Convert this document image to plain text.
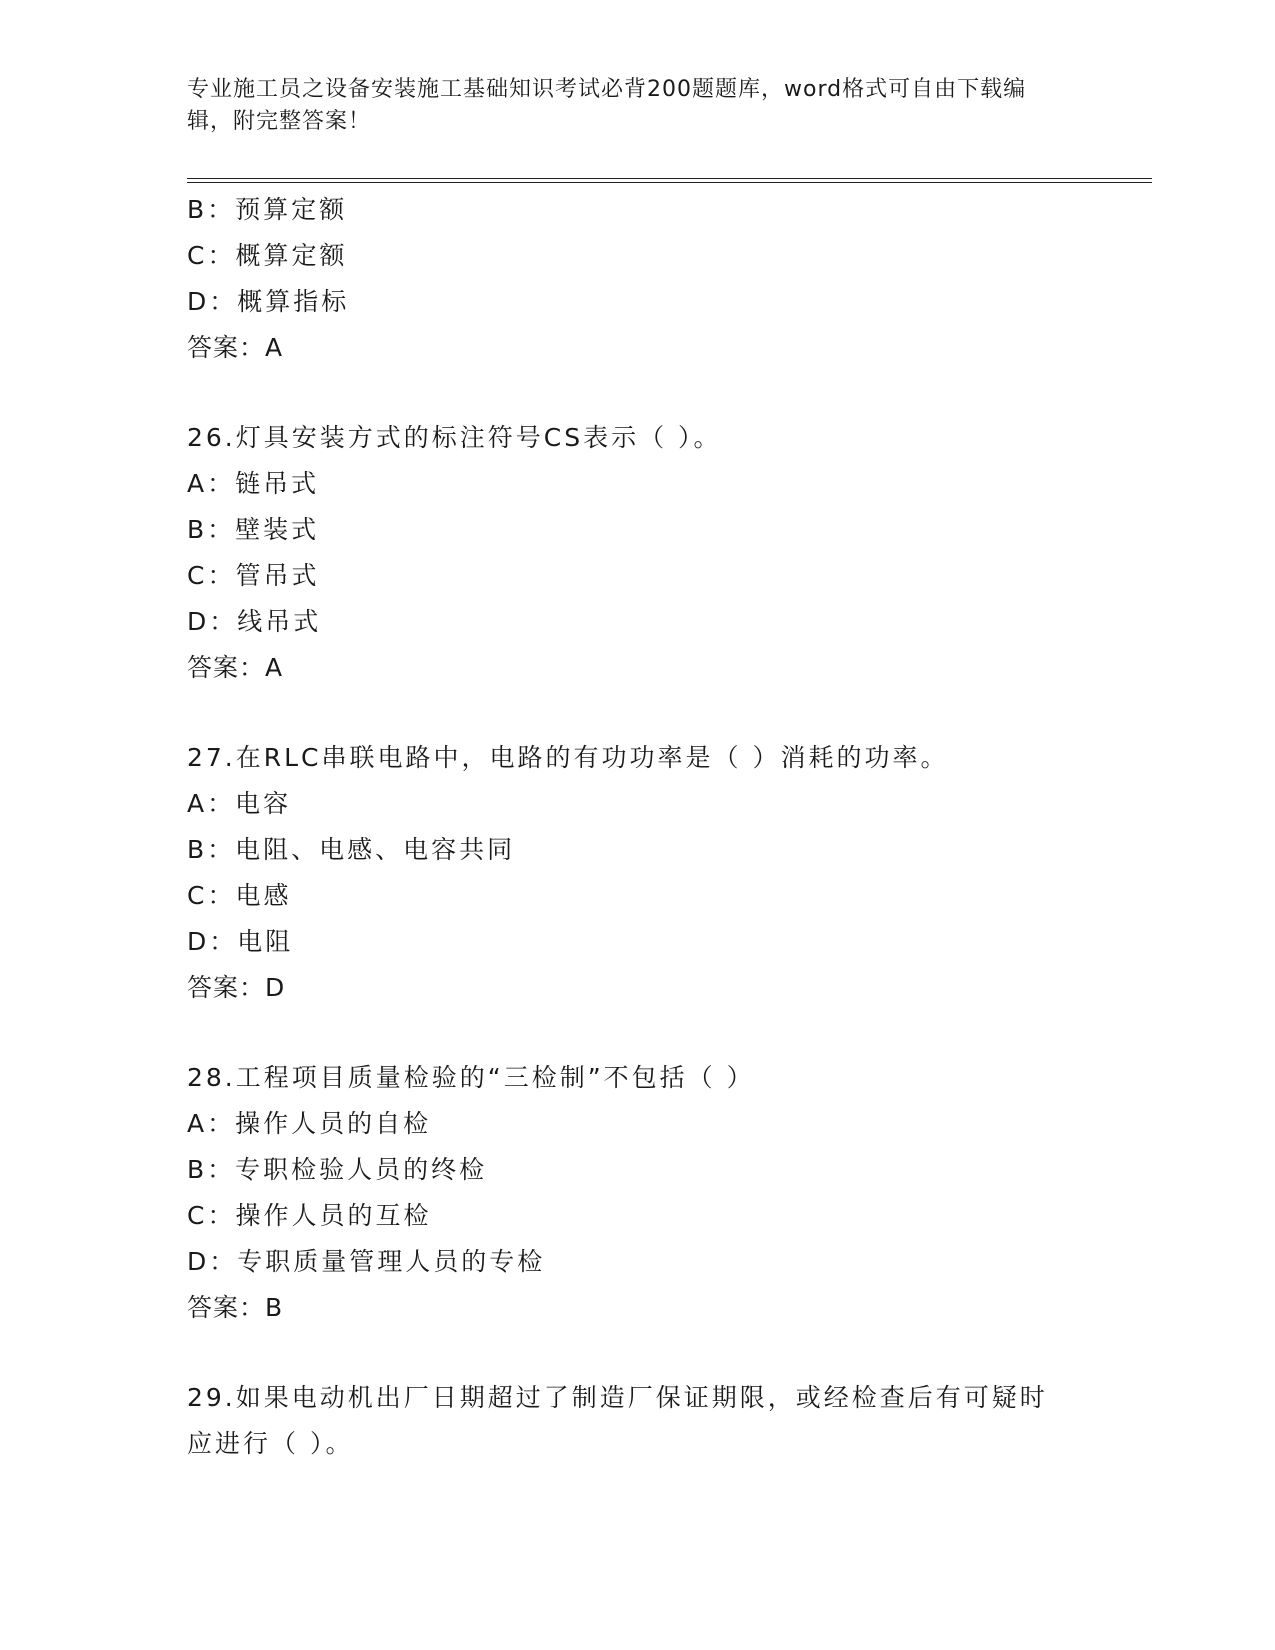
专业施工员之设备安装施工基础知识考试必背200题题库，word格式可自由下载编辑，附完整答案！
B：预算定额
C：概算定额
D：概算指标
答案：A
26.灯具安装方式的标注符号CS表示（ ）。
A：链吊式
B：壁装式
C：管吊式
D：线吊式
答案：A
27.在RLC串联电路中，电路的有功功率是（ ）消耗的功率。
A：电容
B：电阻、电感、电容共同
C：电感
D：电阻
答案：D
28.工程项目质量检验的“三检制”不包括（ ）
A：操作人员的自检
B：专职检验人员的终检
C：操作人员的互检
D：专职质量管理人员的专检
答案：B
29.如果电动机出厂日期超过了制造厂保证期限，或经检查后有可疑时
应进行（ ）。
